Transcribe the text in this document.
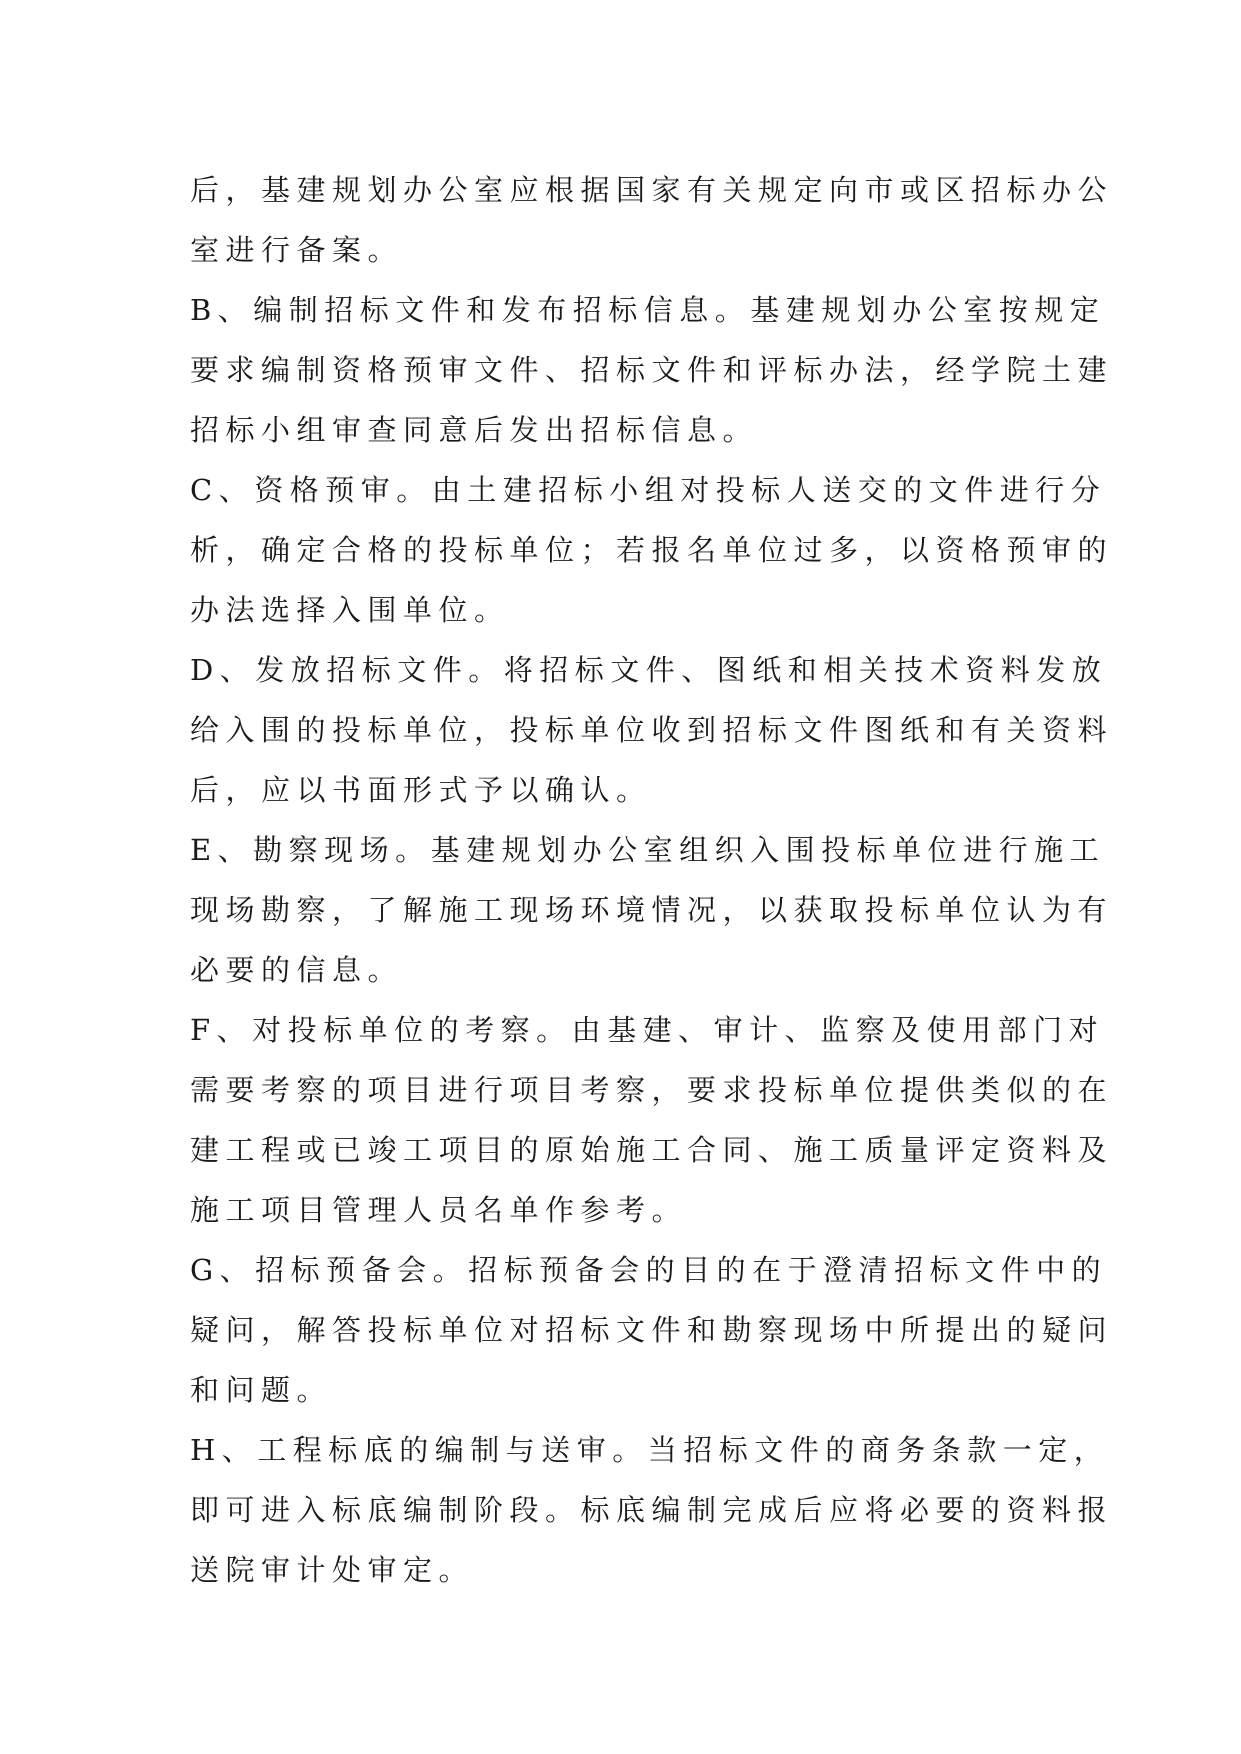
后，基建规划办公室应根据国家有关规定向市或区招标办公

室进行备案。

B、编制招标文件和发布招标信息。基建规划办公室按规定

要求编制资格预审文件、招标文件和评标办法，经学院土建

招标小组审查同意后发出招标信息。

C、资格预审。由土建招标小组对投标人送交的文件进行分

析，确定合格的投标单位；若报名单位过多，以资格预审的

办法选择入围单位。

D、发放招标文件。将招标文件、图纸和相关技术资料发放

给入围的投标单位，投标单位收到招标文件图纸和有关资料

后，应以书面形式予以确认。

E、勘察现场。基建规划办公室组织入围投标单位进行施工

现场勘察，了解施工现场环境情况，以获取投标单位认为有

必要的信息。

F、对投标单位的考察。由基建、审计、监察及使用部门对

需要考察的项目进行项目考察，要求投标单位提供类似的在

建工程或已竣工项目的原始施工合同、施工质量评定资料及

施工项目管理人员名单作参考。

G、招标预备会。招标预备会的目的在于澄清招标文件中的

疑问，解答投标单位对招标文件和勘察现场中所提出的疑问

和问题。

H、工程标底的编制与送审。当招标文件的商务条款一定，

即可进入标底编制阶段。标底编制完成后应将必要的资料报

送院审计处审定。
